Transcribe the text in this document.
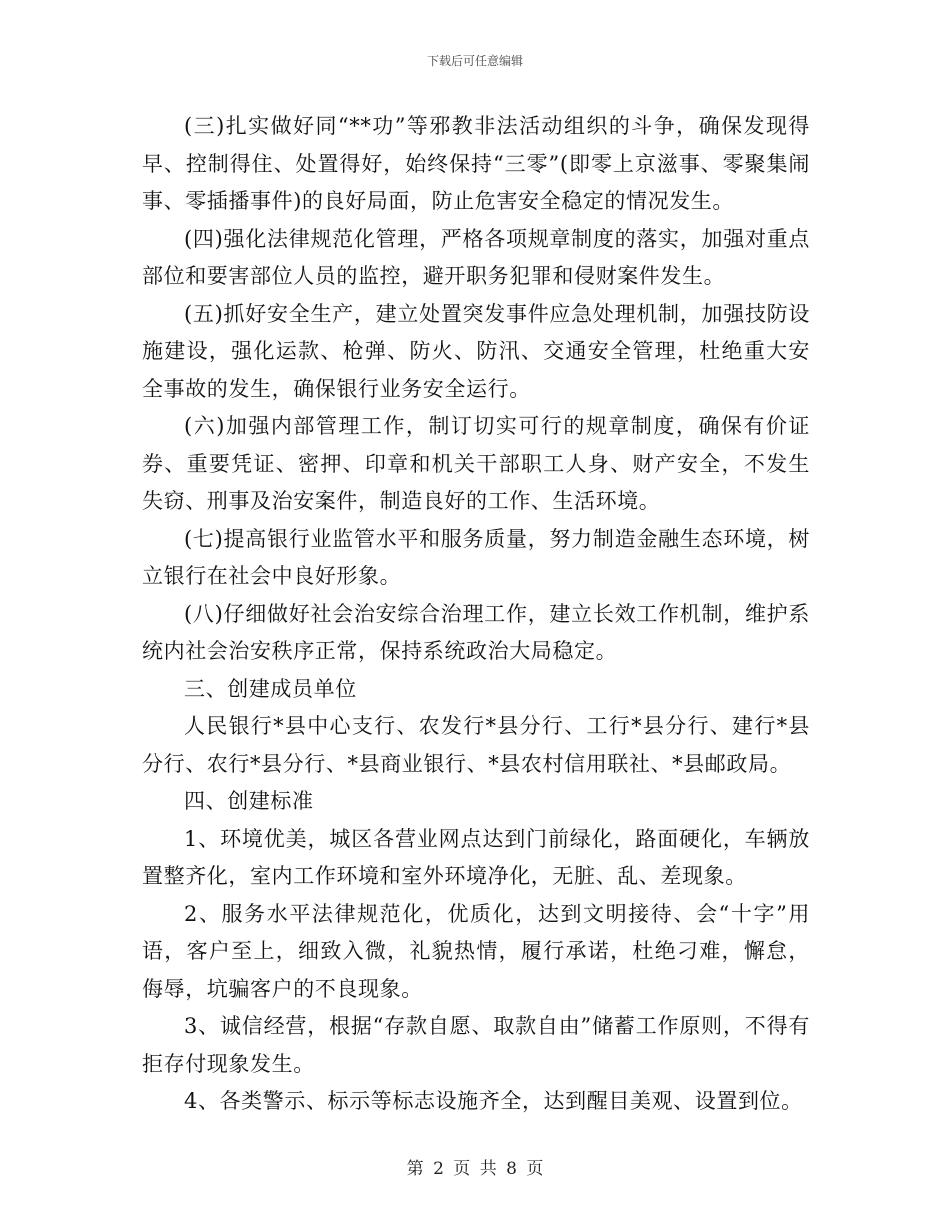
下载后可任意编辑

(三)扎实做好同“**功”等邪教非法活动组织的斗争，确保发现得早、控制得住、处置得好，始终保持“三零”(即零上京滋事、零聚集闹事、零插播事件)的良好局面，防止危害安全稳定的情况发生。

(四)强化法律规范化管理，严格各项规章制度的落实，加强对重点部位和要害部位人员的监控，避开职务犯罪和侵财案件发生。

(五)抓好安全生产，建立处置突发事件应急处理机制，加强技防设施建设，强化运款、枪弹、防火、防汛、交通安全管理，杜绝重大安全事故的发生，确保银行业务安全运行。

(六)加强内部管理工作，制订切实可行的规章制度，确保有价证券、重要凭证、密押、印章和机关干部职工人身、财产安全，不发生失窃、刑事及治安案件，制造良好的工作、生活环境。

(七)提高银行业监管水平和服务质量，努力制造金融生态环境，树立银行在社会中良好形象。

(八)仔细做好社会治安综合治理工作，建立长效工作机制，维护系统内社会治安秩序正常，保持系统政治大局稳定。

三、创建成员单位

人民银行*县中心支行、农发行*县分行、工行*县分行、建行*县分行、农行*县分行、*县商业银行、*县农村信用联社、*县邮政局。

四、创建标准

1、环境优美，城区各营业网点达到门前绿化，路面硬化，车辆放置整齐化，室内工作环境和室外环境净化，无脏、乱、差现象。

2、服务水平法律规范化，优质化，达到文明接待、会“十字”用语，客户至上，细致入微，礼貌热情，履行承诺，杜绝刁难，懈怠，侮辱，坑骗客户的不良现象。

3、诚信经营，根据“存款自愿、取款自由”储蓄工作原则，不得有拒存付现象发生。

4、各类警示、标示等标志设施齐全，达到醒目美观、设置到位。

第 2 页 共 8 页
